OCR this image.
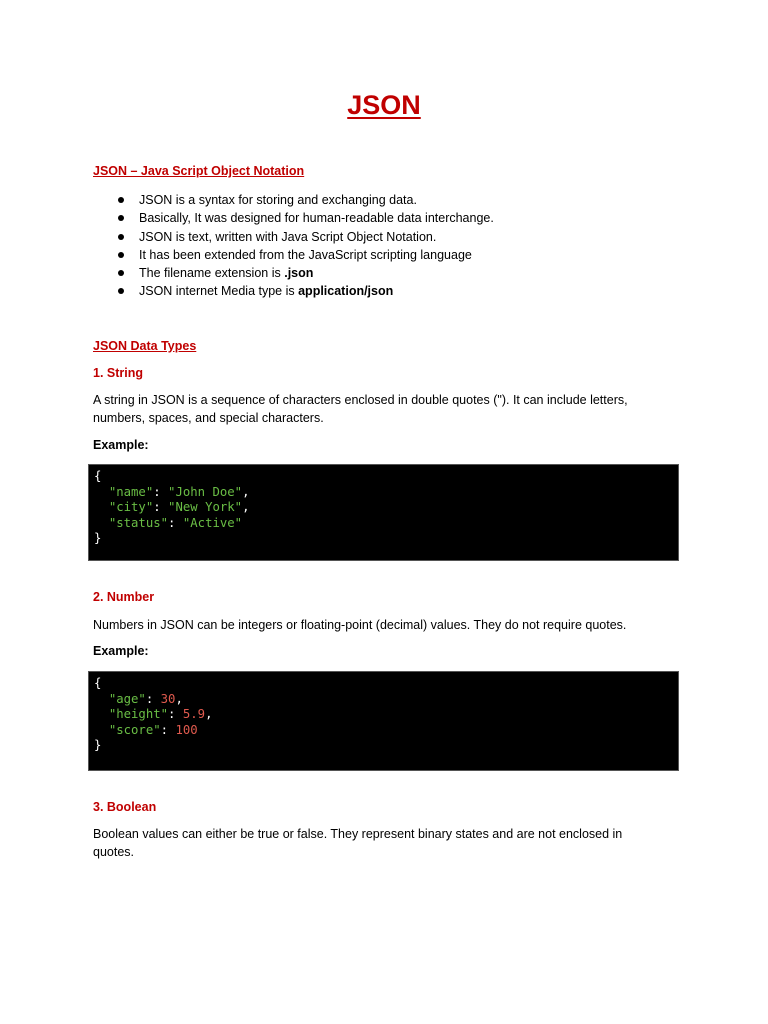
JSON
JSON – Java Script Object Notation
JSON is a syntax for storing and exchanging data.
Basically, It was designed for human-readable data interchange.
JSON is text, written with Java Script Object Notation.
It has been extended from the JavaScript scripting language
The filename extension is .json
JSON internet Media type is application/json
JSON Data Types
1. String
A string in JSON is a sequence of characters enclosed in double quotes ("). It can include letters, numbers, spaces, and special characters.
Example:
{
"name": "John Doe",
"city": "New York",
"status": "Active"
}
2. Number
Numbers in JSON can be integers or floating-point (decimal) values. They do not require quotes.
Example:
{
"age": 30,
"height": 5.9,
"score": 100
}
3. Boolean
Boolean values can either be true or false. They represent binary states and are not enclosed in quotes.
